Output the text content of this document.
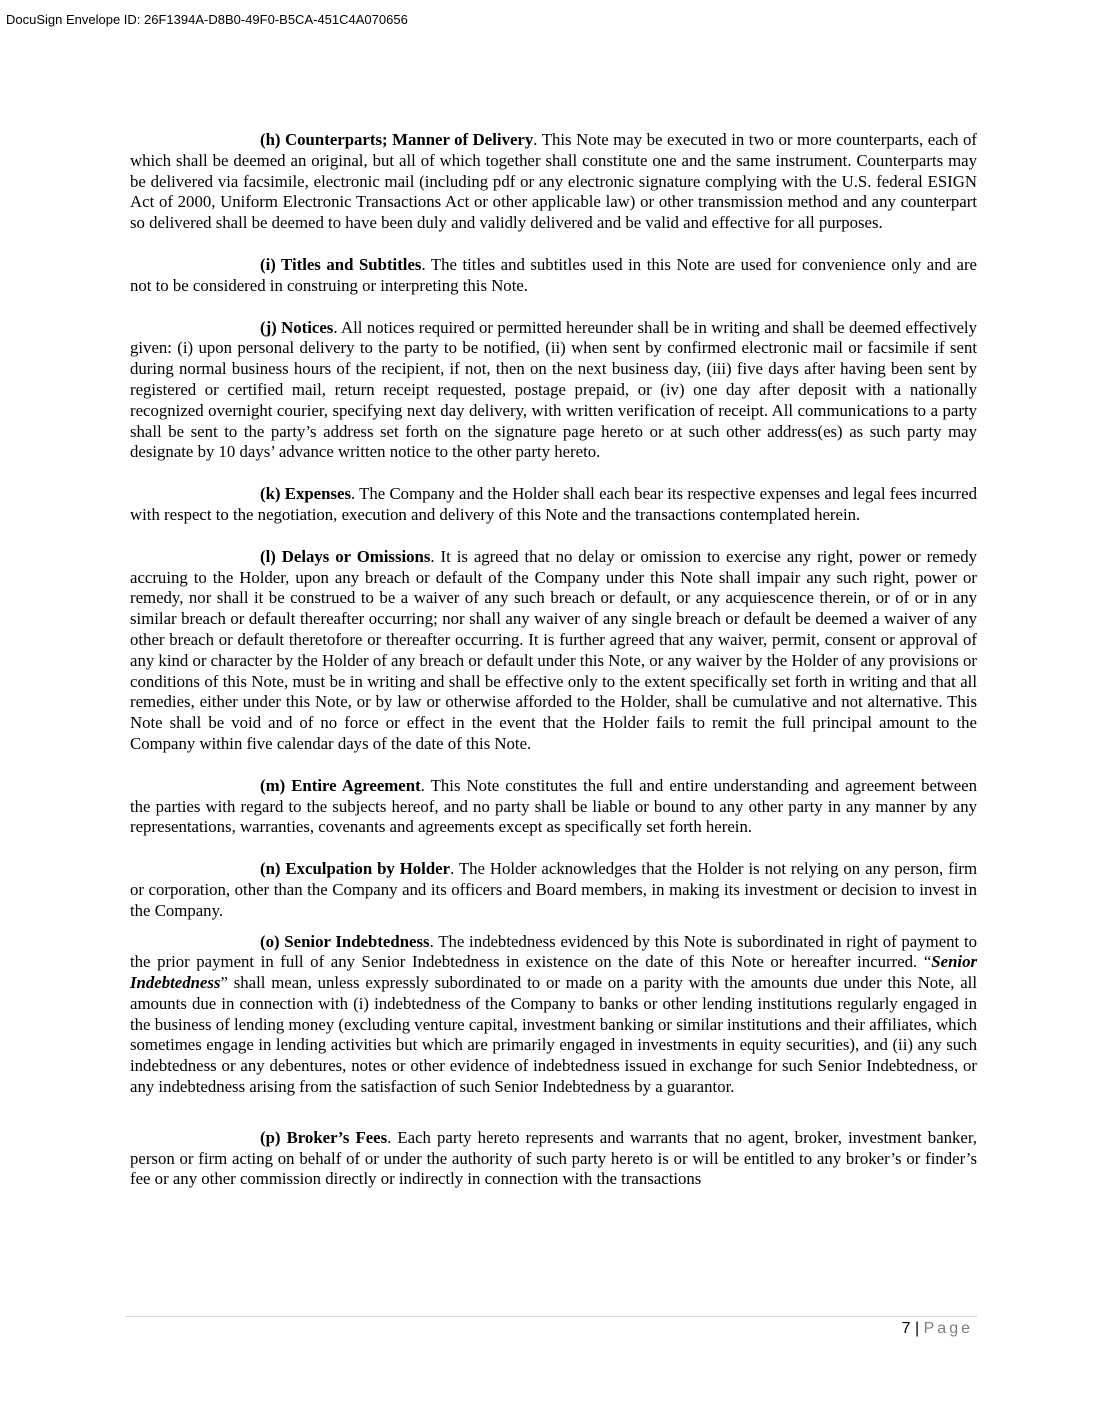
DocuSign Envelope ID: 26F1394A-D8B0-49F0-B5CA-451C4A070656

(h) Counterparts; Manner of Delivery. This Note may be executed in two or more counterparts, each of which shall be deemed an original, but all of which together shall constitute one and the same instrument. Counterparts may be delivered via facsimile, electronic mail (including pdf or any electronic signature complying with the U.S. federal ESIGN Act of 2000, Uniform Electronic Transactions Act or other applicable law) or other transmission method and any counterpart so delivered shall be deemed to have been duly and validly delivered and be valid and effective for all purposes.

(i) Titles and Subtitles. The titles and subtitles used in this Note are used for convenience only and are not to be considered in construing or interpreting this Note.

(j) Notices. All notices required or permitted hereunder shall be in writing and shall be deemed effectively given: (i) upon personal delivery to the party to be notified, (ii) when sent by confirmed electronic mail or facsimile if sent during normal business hours of the recipient, if not, then on the next business day, (iii) five days after having been sent by registered or certified mail, return receipt requested, postage prepaid, or (iv) one day after deposit with a nationally recognized overnight courier, specifying next day delivery, with written verification of receipt. All communications to a party shall be sent to the party’s address set forth on the signature page hereto or at such other address(es) as such party may designate by 10 days’ advance written notice to the other party hereto.

(k) Expenses. The Company and the Holder shall each bear its respective expenses and legal fees incurred with respect to the negotiation, execution and delivery of this Note and the transactions contemplated herein.

(l) Delays or Omissions. It is agreed that no delay or omission to exercise any right, power or remedy accruing to the Holder, upon any breach or default of the Company under this Note shall impair any such right, power or remedy, nor shall it be construed to be a waiver of any such breach or default, or any acquiescence therein, or of or in any similar breach or default thereafter occurring; nor shall any waiver of any single breach or default be deemed a waiver of any other breach or default theretofore or thereafter occurring. It is further agreed that any waiver, permit, consent or approval of any kind or character by the Holder of any breach or default under this Note, or any waiver by the Holder of any provisions or conditions of this Note, must be in writing and shall be effective only to the extent specifically set forth in writing and that all remedies, either under this Note, or by law or otherwise afforded to the Holder, shall be cumulative and not alternative. This Note shall be void and of no force or effect in the event that the Holder fails to remit the full principal amount to the Company within five calendar days of the date of this Note.

(m) Entire Agreement. This Note constitutes the full and entire understanding and agreement between the parties with regard to the subjects hereof, and no party shall be liable or bound to any other party in any manner by any representations, warranties, covenants and agreements except as specifically set forth herein.

(n) Exculpation by Holder. The Holder acknowledges that the Holder is not relying on any person, firm or corporation, other than the Company and its officers and Board members, in making its investment or decision to invest in the Company.

(o) Senior Indebtedness. The indebtedness evidenced by this Note is subordinated in right of payment to the prior payment in full of any Senior Indebtedness in existence on the date of this Note or hereafter incurred. “Senior Indebtedness” shall mean, unless expressly subordinated to or made on a parity with the amounts due under this Note, all amounts due in connection with (i) indebtedness of the Company to banks or other lending institutions regularly engaged in the business of lending money (excluding venture capital, investment banking or similar institutions and their affiliates, which sometimes engage in lending activities but which are primarily engaged in investments in equity securities), and (ii) any such indebtedness or any debentures, notes or other evidence of indebtedness issued in exchange for such Senior Indebtedness, or any indebtedness arising from the satisfaction of such Senior Indebtedness by a guarantor.

(p) Broker’s Fees. Each party hereto represents and warrants that no agent, broker, investment banker, person or firm acting on behalf of or under the authority of such party hereto is or will be entitled to any broker’s or finder’s fee or any other commission directly or indirectly in connection with the transactions

7 | Page
